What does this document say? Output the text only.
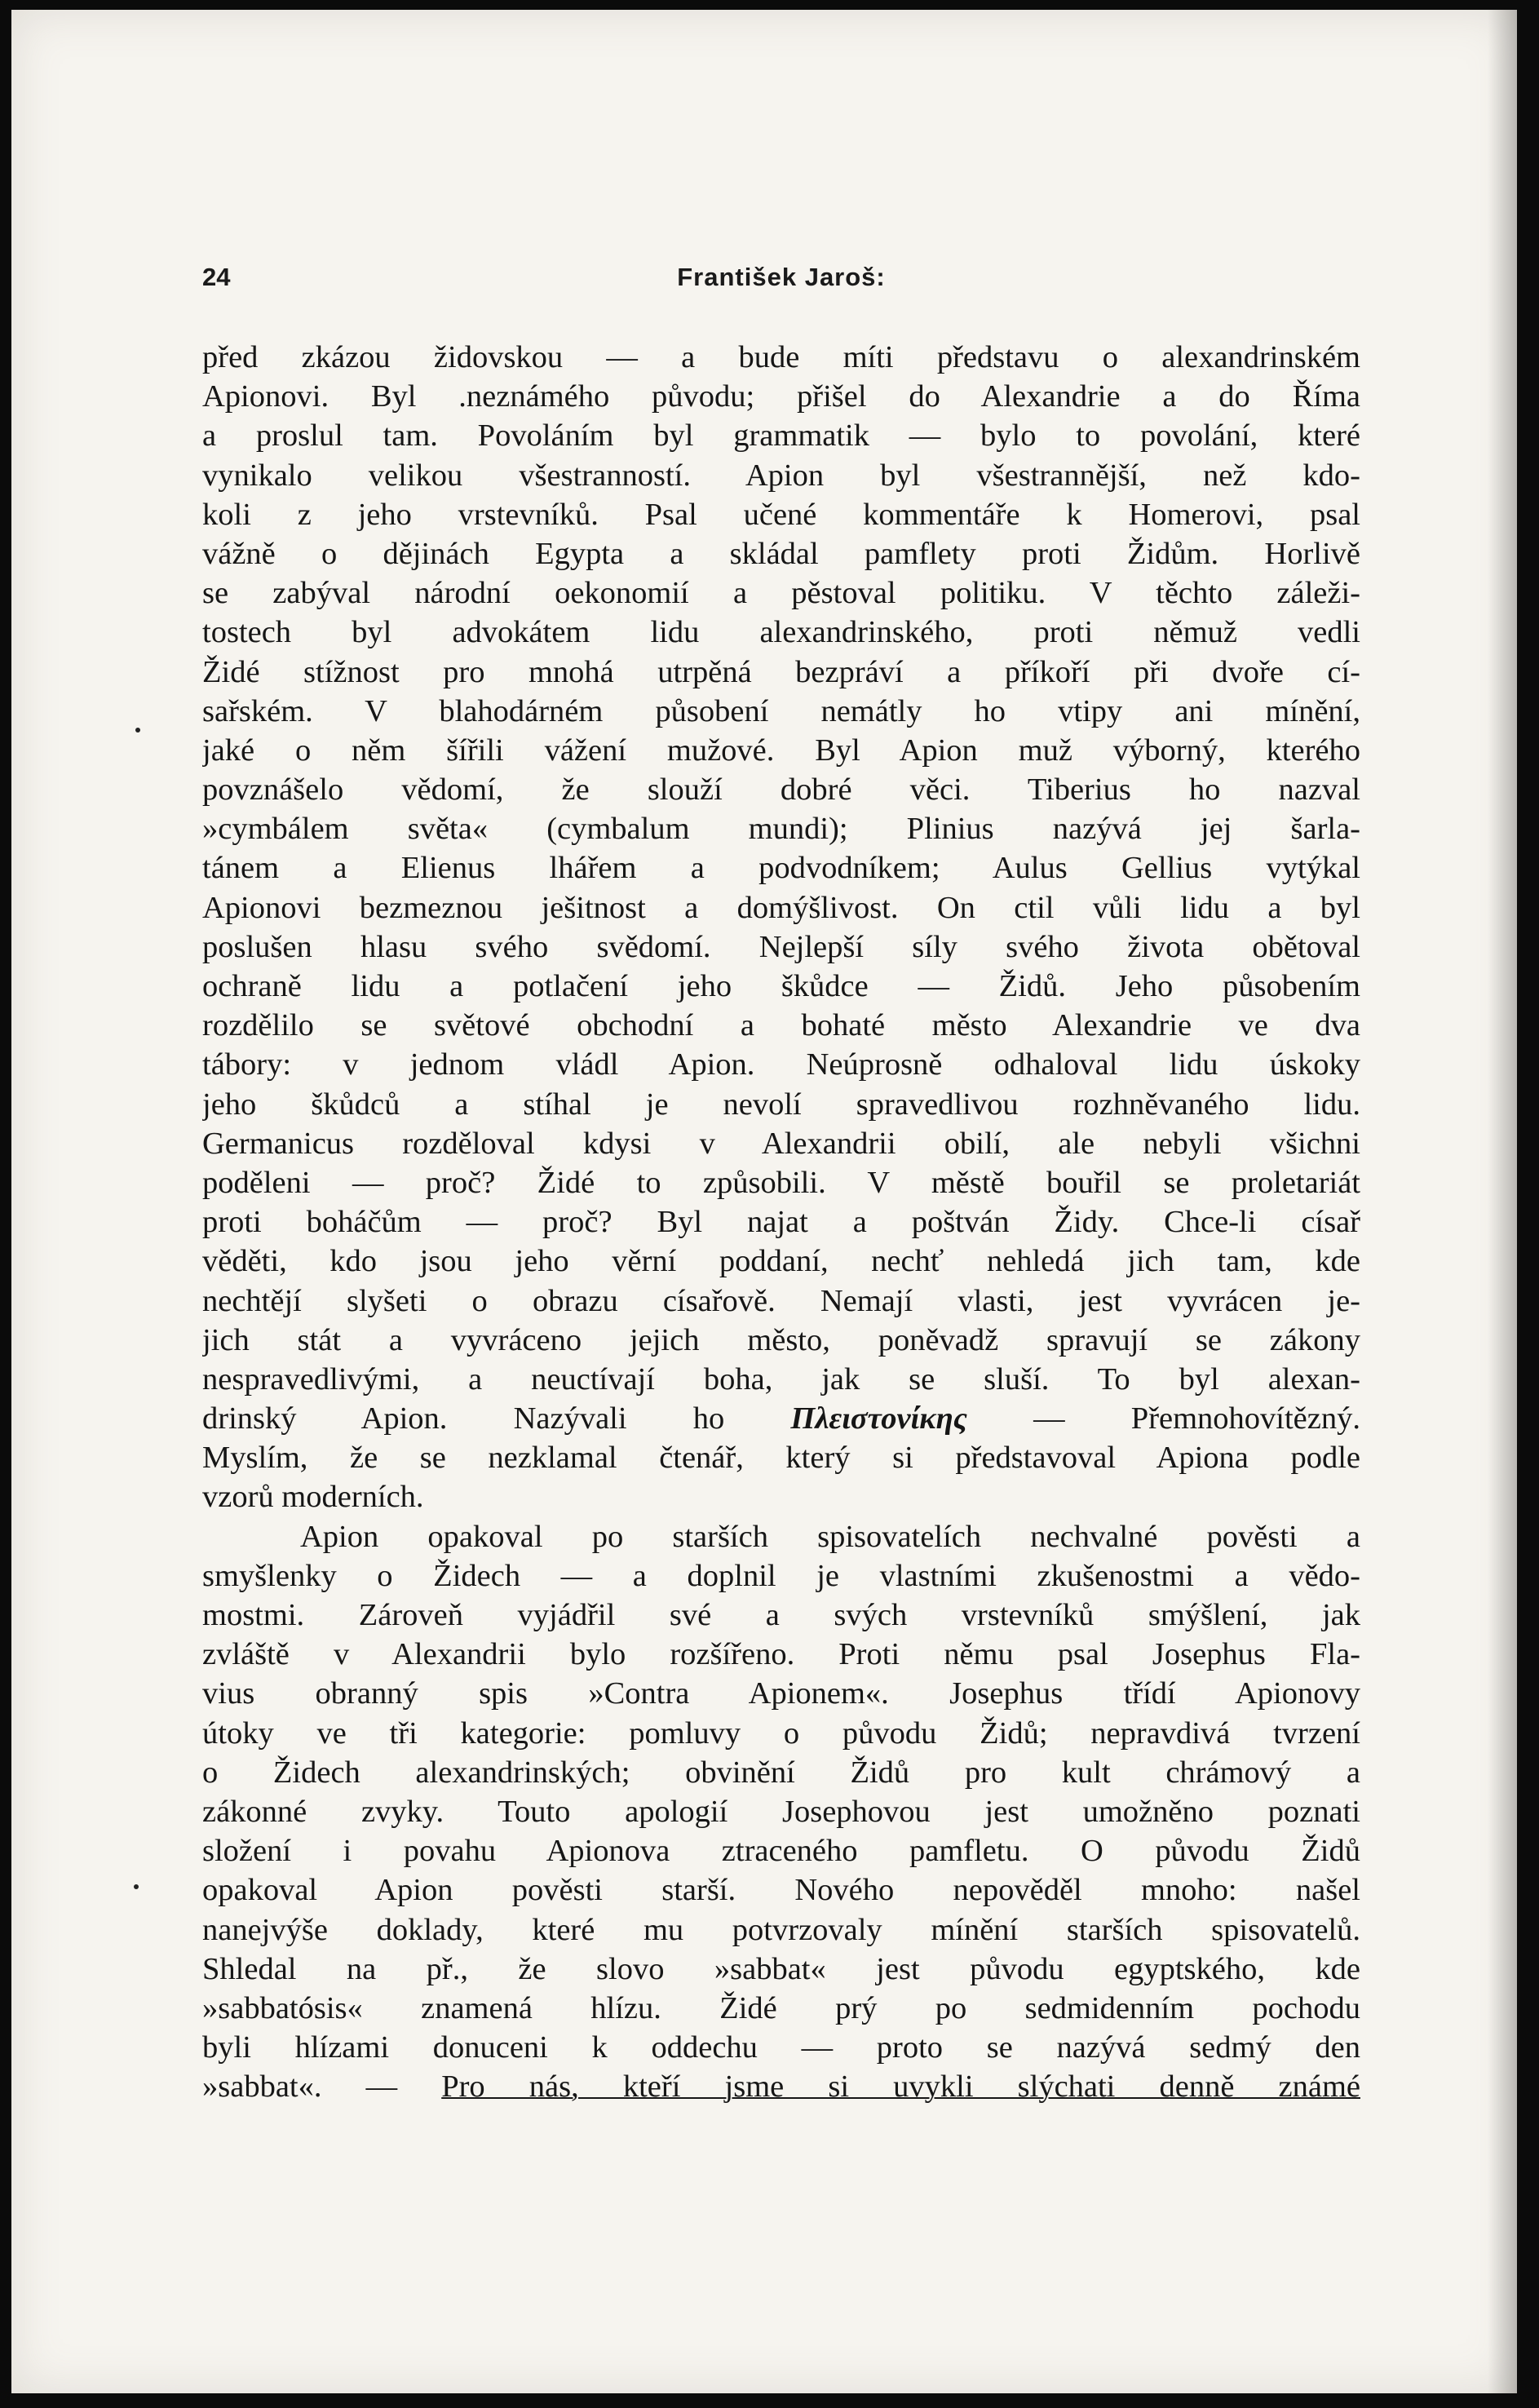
24	František Jaroš:
před zkázou židovskou — a bude míti představu o alexandrinském
Apionovi. Byl .neznámého původu; přišel do Alexandrie a do Říma
a proslul tam. Povoláním byl grammatik — bylo to povolání, které
vynikalo velikou všestranností. Apion byl všestrannější, než kdo-
koli z jeho vrstevníků. Psal učené kommentáře k Homerovi, psal
vážně o dějinách Egypta a skládal pamflety proti Židům. Horlivě
se zabýval národní oekonomií a pěstoval politiku. V těchto záleži-
tostech byl advokátem lidu alexandrinského, proti němuž vedli
Židé stížnost pro mnohá utrpěná bezpráví a příkoří při dvoře cí-
sařském. V blahodárném působení nemátly ho vtipy ani mínění,
jaké o něm šířili vážení mužové. Byl Apion muž výborný, kterého
povznášelo vědomí, že slouží dobré věci. Tiberius ho nazval
»cymbálem světa« (cymbalum mundi); Plinius nazývá jej šarla-
tánem a Elienus lhářem a podvodníkem; Aulus Gellius vytýkal
Apionovi bezmeznou ješitnost a domýšlivost. On ctil vůli lidu a byl
poslušen hlasu svého svědomí. Nejlepší síly svého života obětoval
ochraně lidu a potlačení jeho škůdce — Židů. Jeho působením
rozdělilo se světové obchodní a bohaté město Alexandrie ve dva
tábory: v jednom vládl Apion. Neúprosně odhaloval lidu úskoky
jeho škůdců a stíhal je nevolí spravedlivou rozhněvaného lidu.
Germanicus rozděloval kdysi v Alexandrii obilí, ale nebyli všichni
poděleni — proč? Židé to způsobili. V městě bouřil se proletariát
proti boháčům — proč? Byl najat a poštván Židy. Chce-li císař
věděti, kdo jsou jeho věrní poddaní, nechť nehledá jich tam, kde
nechtějí slyšeti o obrazu císařově. Nemají vlasti, jest vyvrácen je-
jich stát a vyvráceno jejich město, poněvadž spravují se zákony
nespravedlivými, a neuctívají boha, jak se sluší. To byl alexan-
drinský Apion. Nazývali ho Πλειστονίκης — Přemnohovítězný.
Myslím, že se nezklamal čtenář, který si představoval Apiona podle
vzorů moderních.
Apion opakoval po starších spisovatelích nechvalné pověsti a
smyšlenky o Židech — a doplnil je vlastními zkušenostmi a vědo-
mostmi. Zároveň vyjádřil své a svých vrstevníků smýšlení, jak
zvláště v Alexandrii bylo rozšířeno. Proti němu psal Josephus Fla-
vius obranný spis »Contra Apionem«. Josephus třídí Apionovy
útoky ve tři kategorie: pomluvy o původu Židů; nepravdivá tvrzení
o Židech alexandrinských; obvinění Židů pro kult chrámový a
zákonné zvyky. Touto apologií Josephovou jest umožněno poznati
složení i povahu Apionova ztraceného pamfletu. O původu Židů
opakoval Apion pověsti starší. Nového nepověděl mnoho: našel
nanejvýše doklady, které mu potvrzovaly mínění starších spisovatelů.
Shledal na př., že slovo »sabbat« jest původu egyptského, kde
»sabbatósis« znamená hlízu. Židé prý po sedmidenním pochodu
byli hlízami donuceni k oddechu — proto se nazývá sedmý den
»sabbat«. — Pro nás, kteří jsme si uvykli slýchati denně známé
